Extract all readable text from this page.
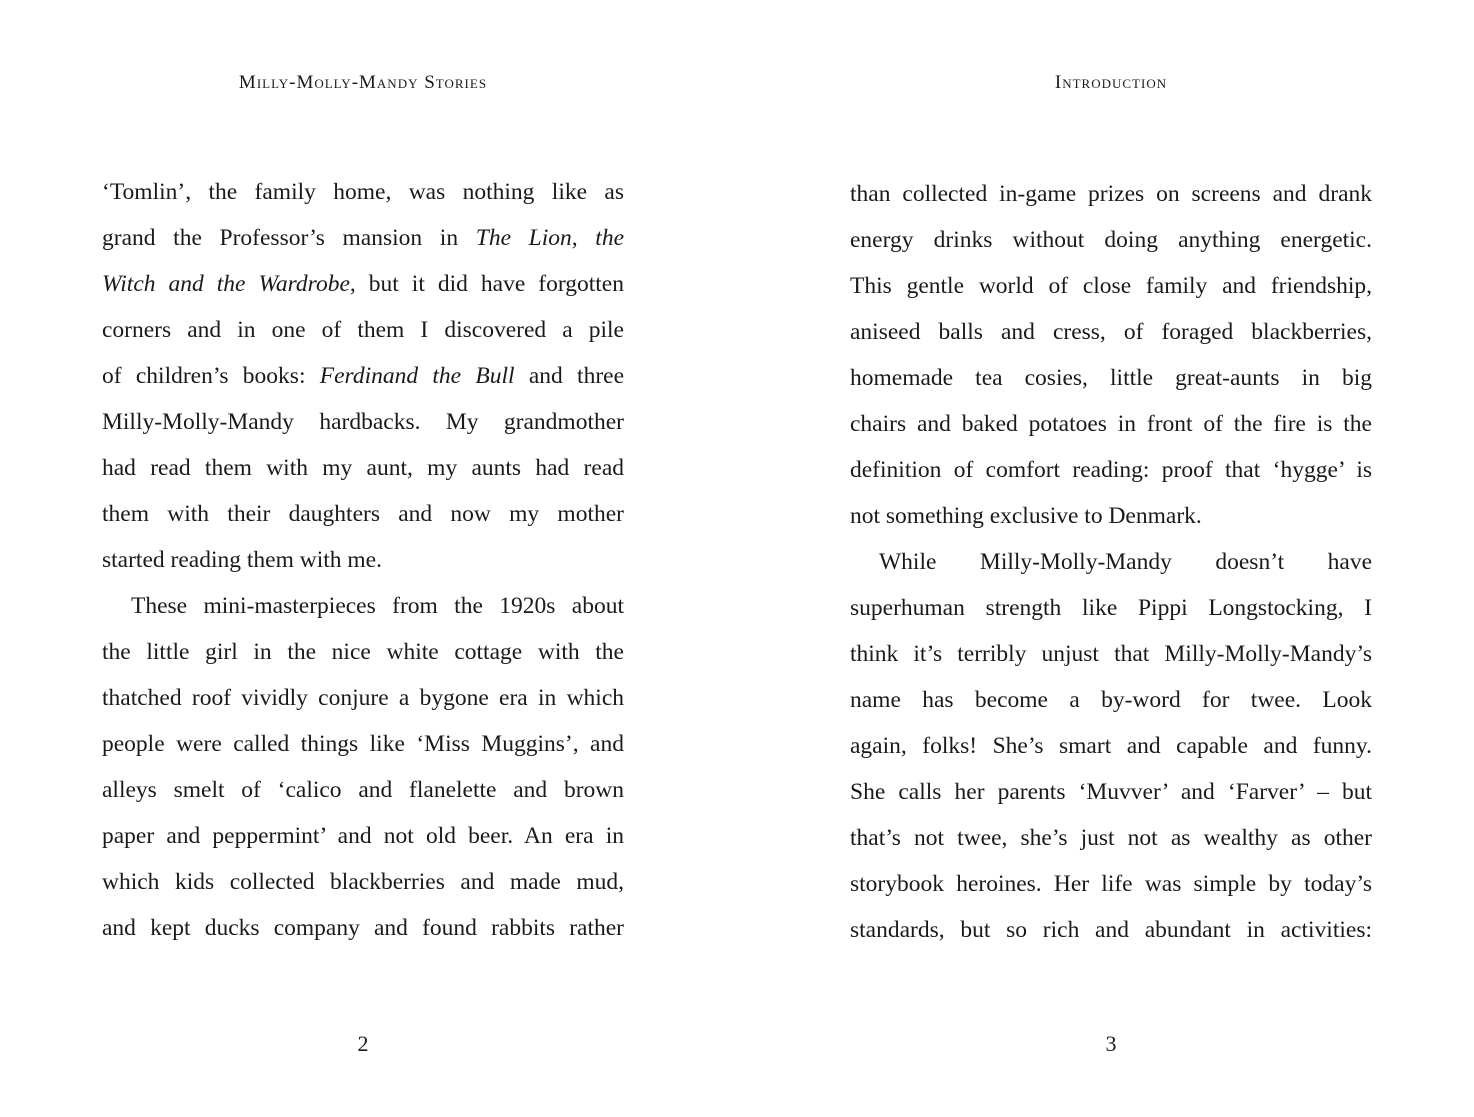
Milly-Molly-Mandy Stories
‘Tomlin’, the family home, was nothing like as
grand the Professor’s mansion in The Lion, the
Witch and the Wardrobe, but it did have forgotten
corners and in one of them I discovered a pile
of children’s books: Ferdinand the Bull and three
Milly-Molly-Mandy hardbacks. My grandmother
had read them with my aunt, my aunts had read
them with their daughters and now my mother
started reading them with me.
These mini-masterpieces from the 1920s about
the little girl in the nice white cottage with the
thatched roof vividly conjure a bygone era in which
people were called things like ‘Miss Muggins’, and
alleys smelt of ‘calico and flanelette and brown
paper and peppermint’ and not old beer. An era in
which kids collected blackberries and made mud,
and kept ducks company and found rabbits rather
2
Introduction
than collected in-game prizes on screens and drank
energy drinks without doing anything energetic.
This gentle world of close family and friendship,
aniseed balls and cress, of foraged blackberries,
homemade tea cosies, little great-aunts in big
chairs and baked potatoes in front of the fire is the
definition of comfort reading: proof that ‘hygge’ is
not something exclusive to Denmark.
While Milly-Molly-Mandy doesn’t have
superhuman strength like Pippi Longstocking, I
think it’s terribly unjust that Milly-Molly-Mandy’s
name has become a by-word for twee. Look
again, folks! She’s smart and capable and funny.
She calls her parents ‘Muvver’ and ‘Farver’ – but
that’s not twee, she’s just not as wealthy as other
storybook heroines. Her life was simple by today’s
standards, but so rich and abundant in activities:
3
